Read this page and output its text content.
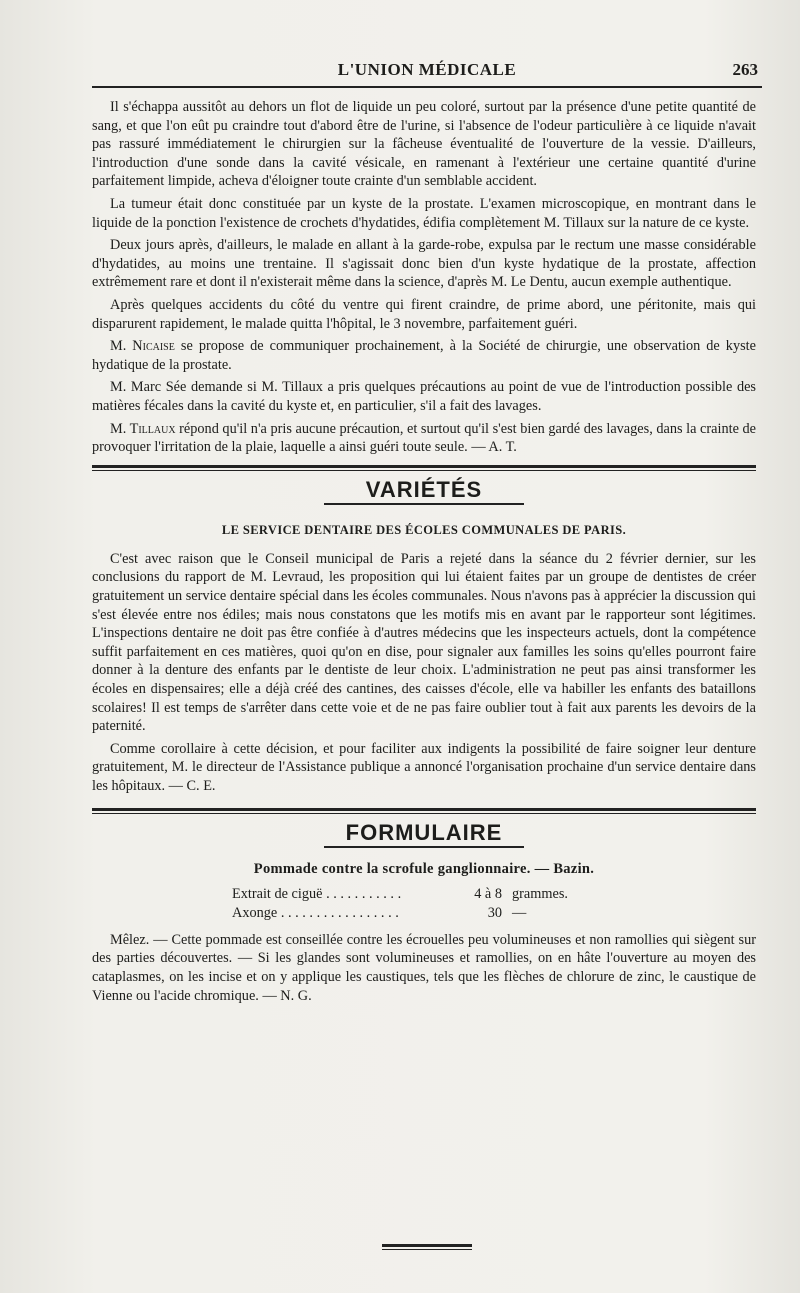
L'UNION MÉDICALE	263

Il s'échappa aussitôt au dehors un flot de liquide un peu coloré, surtout par la présence d'une petite quantité de sang, et que l'on eût pu craindre tout d'abord être de l'urine, si l'absence de l'odeur particulière à ce liquide n'avait pas rassuré immédiatement le chirurgien sur la fâcheuse éventualité de l'ouverture de la vessie. D'ailleurs, l'introduction d'une sonde dans la cavité vésicale, en ramenant à l'extérieur une certaine quantité d'urine parfaitement limpide, acheva d'éloigner toute crainte d'un semblable accident.

La tumeur était donc constituée par un kyste de la prostate. L'examen microscopique, en montrant dans le liquide de la ponction l'existence de crochets d'hydatides, édifia complètement M. Tillaux sur la nature de ce kyste.

Deux jours après, d'ailleurs, le malade en allant à la garde-robe, expulsa par le rectum une masse considérable d'hydatides, au moins une trentaine. Il s'agissait donc bien d'un kyste hydatique de la prostate, affection extrêmement rare et dont il n'existerait même dans la science, d'après M. Le Dentu, aucun exemple authentique.

Après quelques accidents du côté du ventre qui firent craindre, de prime abord, une péritonite, mais qui disparurent rapidement, le malade quitta l'hôpital, le 3 novembre, parfaitement guéri.

M. Nicaise se propose de communiquer prochainement, à la Société de chirurgie, une observation de kyste hydatique de la prostate.

M. Marc Sée demande si M. Tillaux a pris quelques précautions au point de vue de l'introduction possible des matières fécales dans la cavité du kyste et, en particulier, s'il a fait des lavages.

M. Tillaux répond qu'il n'a pris aucune précaution, et surtout qu'il s'est bien gardé des lavages, dans la crainte de provoquer l'irritation de la plaie, laquelle a ainsi guéri toute seule. — A. T.

VARIÉTÉS
LE SERVICE DENTAIRE DES ÉCOLES COMMUNALES DE PARIS.

C'est avec raison que le Conseil municipal de Paris a rejeté dans la séance du 2 février dernier, sur les conclusions du rapport de M. Levraud, les proposition qui lui étaient faites par un groupe de dentistes de créer gratuitement un service dentaire spécial dans les écoles communales. Nous n'avons pas à apprécier la discussion qui s'est élevée entre nos édiles; mais nous constatons que les motifs mis en avant par le rapporteur sont légitimes. L'inspections dentaire ne doit pas être confiée à d'autres médecins que les inspecteurs actuels, dont la compétence suffit parfaitement en ces matières, quoi qu'on en dise, pour signaler aux familles les soins qu'elles pourront faire donner à la denture des enfants par le dentiste de leur choix. L'administration ne peut pas ainsi transformer les écoles en dispensaires; elle a déjà créé des cantines, des caisses d'école, elle va habiller les enfants des bataillons scolaires! Il est temps de s'arrêter dans cette voie et de ne pas faire oublier tout à fait aux parents les devoirs de la paternité.

Comme corollaire à cette décision, et pour faciliter aux indigents la possibilité de faire soigner leur denture gratuitement, M. le directeur de l'Assistance publique a annoncé l'organisation prochaine d'un service dentaire dans les hôpitaux. — C. E.

FORMULAIRE
Pommade contre la scrofule ganglionnaire. — Bazin.
Extrait de ciguë . . .	4 à 8 grammes.
Axonge . . .	30 —

Mêlez. — Cette pommade est conseillée contre les écrouelles peu volumineuses et non ramollies qui siègent sur des parties découvertes. — Si les glandes sont volumineuses et ramollies, on en hâte l'ouverture au moyen des cataplasmes, on les incise et on y applique les caustiques, tels que les flèches de chlorure de zinc, le caustique de Vienne ou l'acide chromique. — N. G.
